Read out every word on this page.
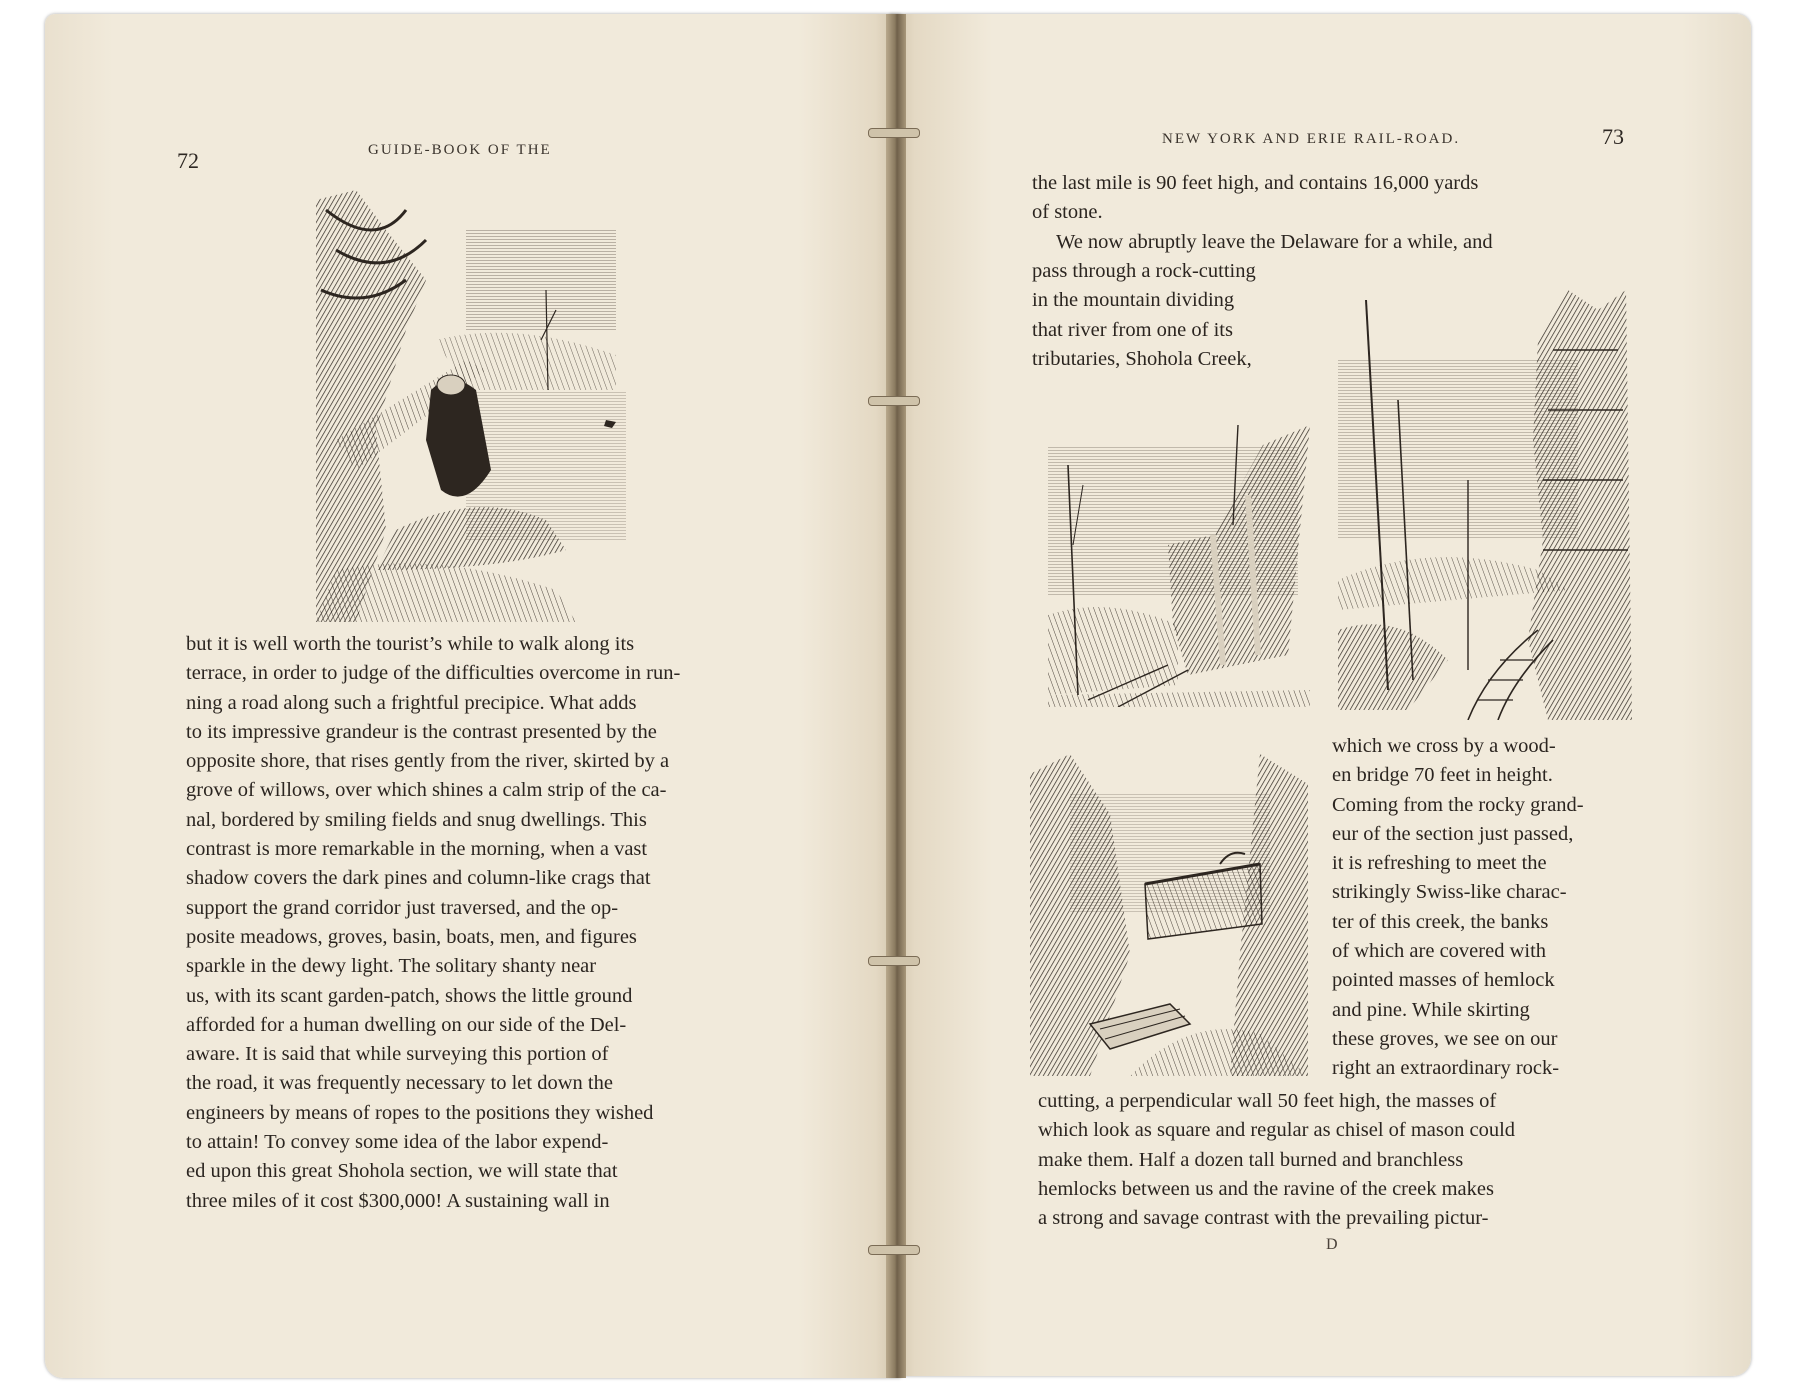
72	GUIDE-BOOK OF THE
but it is well worth the tourist’s while to walk along its
terrace, in order to judge of the difficulties overcome in run-
ning a road along such a frightful precipice. What adds
to its impressive grandeur is the contrast presented by the
opposite shore, that rises gently from the river, skirted by a
grove of willows, over which shines a calm strip of the ca-
nal, bordered by smiling fields and snug dwellings. This
contrast is more remarkable in the morning, when a vast
shadow covers the dark pines and column-like crags that
support the grand corridor just traversed, and the op-
posite meadows, groves, basin, boats, men, and figures
sparkle in the dewy light. The solitary shanty near
us, with its scant garden-patch, shows the little ground
afforded for a human dwelling on our side of the Del-
aware. It is said that while surveying this portion of
the road, it was frequently necessary to let down the
engineers by means of ropes to the positions they wished
to attain! To convey some idea of the labor expend-
ed upon this great Shohola section, we will state that
three miles of it cost $300,000! A sustaining wall in
NEW YORK AND ERIE RAIL-ROAD.	73
the last mile is 90 feet high, and contains 16,000 yards
of stone.
We now abruptly leave the Delaware for a while, and
pass through a rock-cutting
in the mountain dividing
that river from one of its
tributaries, Shohola Creek,
which we cross by a wood-
en bridge 70 feet in height.
Coming from the rocky grand-
eur of the section just passed,
it is refreshing to meet the
strikingly Swiss-like charac-
ter of this creek, the banks
of which are covered with
pointed masses of hemlock
and pine. While skirting
these groves, we see on our
right an extraordinary rock-
cutting, a perpendicular wall 50 feet high, the masses of
which look as square and regular as chisel of mason could
make them. Half a dozen tall burned and branchless
hemlocks between us and the ravine of the creek makes
a strong and savage contrast with the prevailing pictur-
D
